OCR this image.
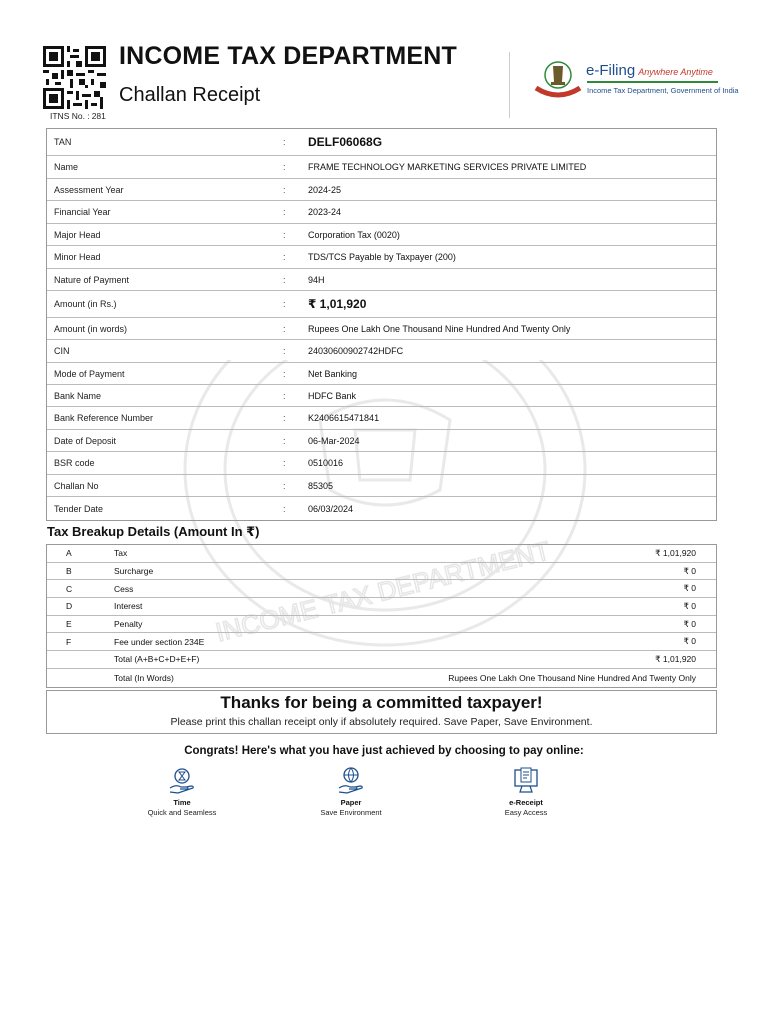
INCOME TAX DEPARTMENT
ITNS No. : 281
INCOME TAX DEPARTMENT
Challan Receipt
e-Filing Anywhere Anytime
Income Tax Department, Government of India
TAN	:	DELF06068G
Name	:	FRAME TECHNOLOGY MARKETING SERVICES PRIVATE LIMITED
Assessment Year	:	2024-25
Financial Year	:	2023-24
Major Head	:	Corporation Tax (0020)
Minor Head	:	TDS/TCS Payable by Taxpayer (200)
Nature of Payment	:	94H
Amount (in Rs.)	:	₹ 1,01,920
Amount (in words)	:	Rupees One Lakh One Thousand Nine Hundred And Twenty Only
CIN	:	24030600902742HDFC
Mode of Payment	:	Net Banking
Bank Name	:	HDFC Bank
Bank Reference Number	:	K2406615471841
Date of Deposit	:	06-Mar-2024
BSR code	:	0510016
Challan No	:	85305
Tender Date	:	06/03/2024
Tax Breakup Details (Amount In ₹)
A	Tax	₹ 1,01,920
B	Surcharge	₹ 0
C	Cess	₹ 0
D	Interest	₹ 0
E	Penalty	₹ 0
F	Fee under section 234E	₹ 0
Total (A+B+C+D+E+F)	₹ 1,01,920
Total (In Words)	Rupees One Lakh One Thousand Nine Hundred And Twenty Only
Thanks for being a committed taxpayer!
Please print this challan receipt only if absolutely required. Save Paper, Save Environment.
Congrats! Here's what you have just achieved by choosing to pay online:
Time
Quick and Seamless
Paper
Save Environment
e-Receipt
Easy Access
